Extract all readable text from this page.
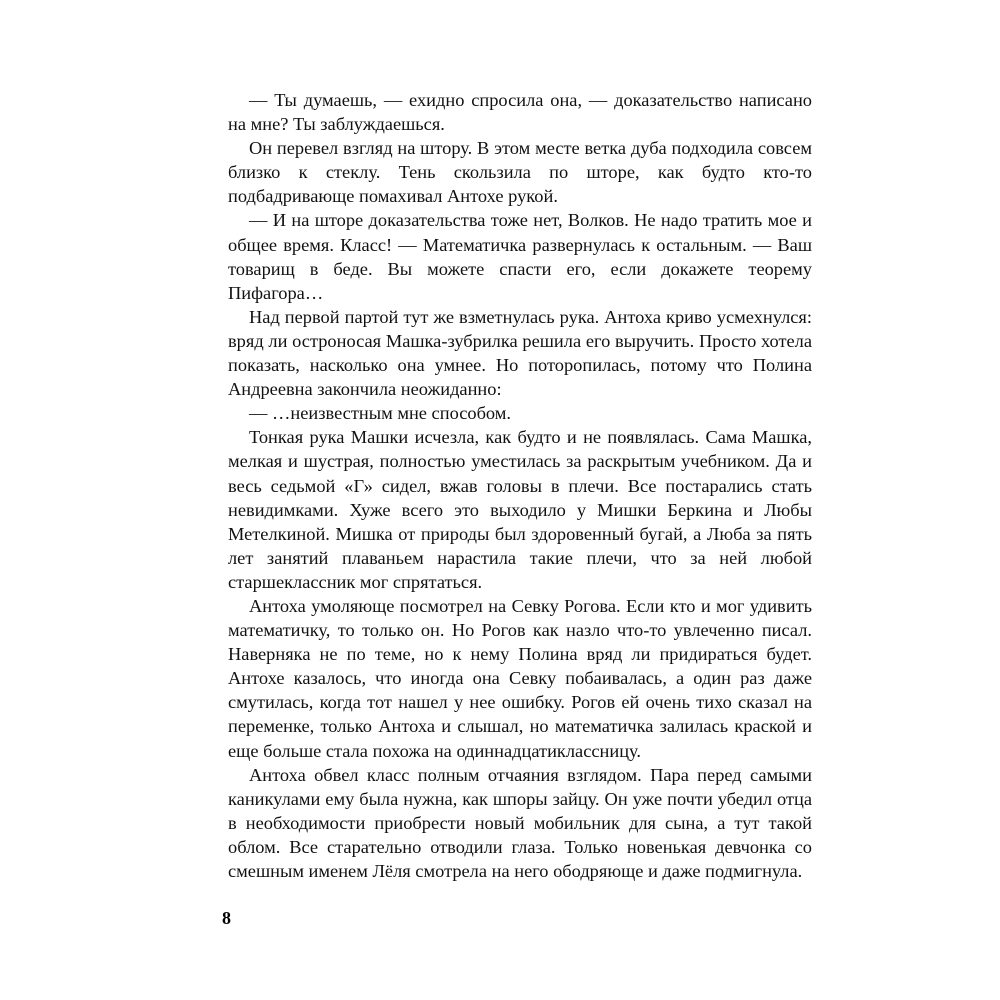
— Ты думаешь, — ехидно спросила она, — доказательство написано на мне? Ты заблуждаешься.

Он перевел взгляд на штору. В этом месте ветка дуба подходила совсем близко к стеклу. Тень скользила по шторе, как будто кто-то подбадривающе помахивал Антохе рукой.

— И на шторе доказательства тоже нет, Волков. Не надо тратить мое и общее время. Класс! — Математичка развернулась к остальным. — Ваш товарищ в беде. Вы можете спасти его, если докажете теорему Пифагора…

Над первой партой тут же взметнулась рука. Антоха криво усмехнулся: вряд ли остроносая Машка-зубрилка решила его выручить. Просто хотела показать, насколько она умнее. Но поторопилась, потому что Полина Андреевна закончила неожиданно:

— …неизвестным мне способом.

Тонкая рука Машки исчезла, как будто и не появлялась. Сама Машка, мелкая и шустрая, полностью уместилась за раскрытым учебником. Да и весь седьмой «Г» сидел, вжав головы в плечи. Все постарались стать невидимками. Хуже всего это выходило у Мишки Беркина и Любы Метелкиной. Мишка от природы был здоровенный бугай, а Люба за пять лет занятий плаваньем нарастила такие плечи, что за ней любой старшеклассник мог спрятаться.

Антоха умоляюще посмотрел на Севку Рогова. Если кто и мог удивить математичку, то только он. Но Рогов как назло что-то увлеченно писал. Наверняка не по теме, но к нему Полина вряд ли придираться будет. Антохе казалось, что иногда она Севку побаивалась, а один раз даже смутилась, когда тот нашел у нее ошибку. Рогов ей очень тихо сказал на переменке, только Антоха и слышал, но математичка залилась краской и еще больше стала похожа на одиннадцатиклассницу.

Антоха обвел класс полным отчаяния взглядом. Пара перед самыми каникулами ему была нужна, как шпоры зайцу. Он уже почти убедил отца в необходимости приобрести новый мобильник для сына, а тут такой облом. Все старательно отводили глаза. Только новенькая девчонка со смешным именем Лёля смотрела на него ободряюще и даже подмигнула.

8
